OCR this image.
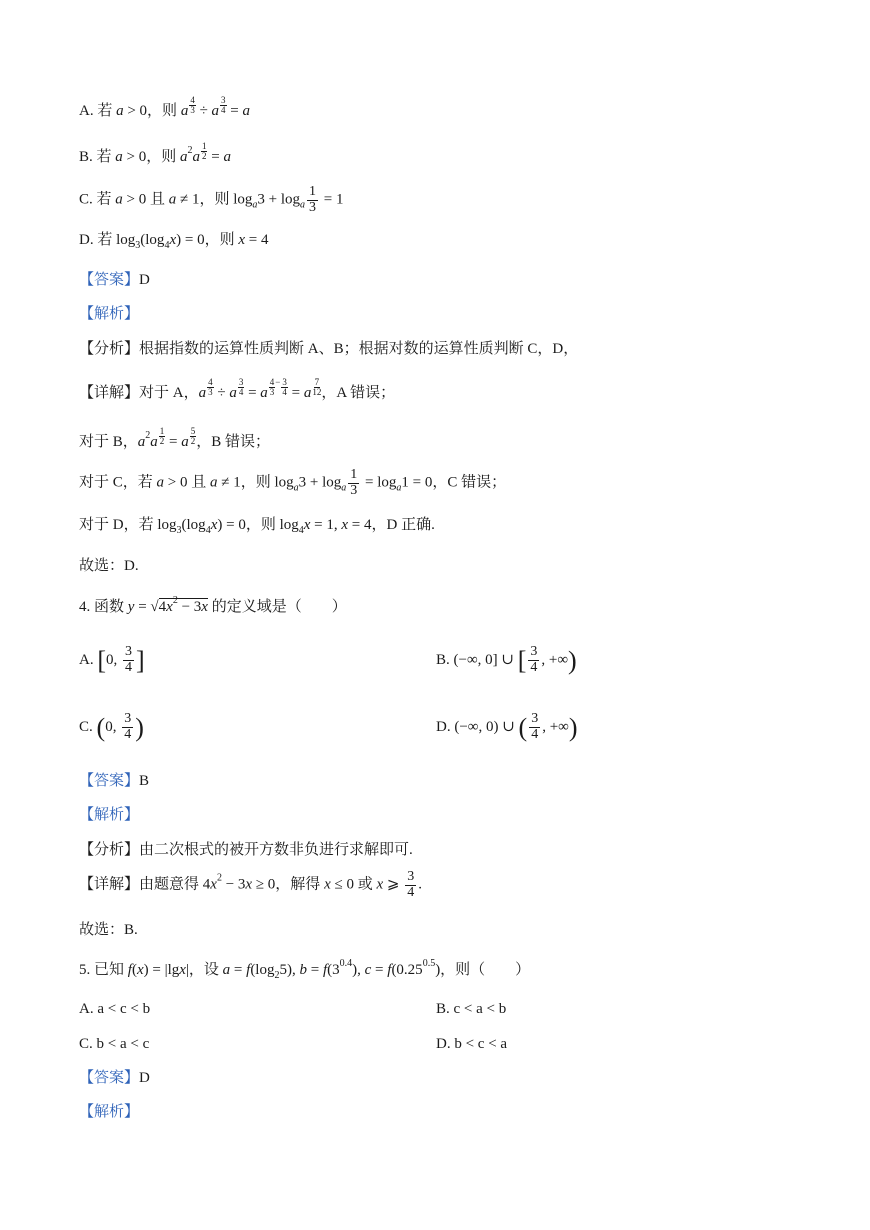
A. 若 a > 0，则 a $\frac{4}{3} \div a \frac{3}{4} = a$
B. 若 a > 0，则 $a^2a \frac{1}{2} = a$
C. 若 a > 0 且 a ≠ 1，则 $\log_a3 + \log_a \frac{1}{3} = 1$
D. 若 $\log_3(\log_4x) = 0$，则 x = 4
【答案】D
【解析】
【分析】根据指数的运算性质判断 A、B；根据对数的运算性质判断 C，D，
【详解】对于 A，a $\frac{4}{3} \div a \frac{3}{4} = a \frac{4}{3} ^- \frac{3}{4} = a \frac{7}{12}$ ，A 错误；
对于 B，$a^2a \frac{1}{2} = a \frac{5}{2}$ ，B 错误；
对于 C，若 a > 0 且 a ≠ 1，则 $\log_a3 + \log_a \frac{1}{3} = \log_a1 = 0$，C 错误；
对于 D，若 $\log_3(\log_4x) = 0$，则 $\log_4x = 1$, x = 4，D 正确.
故选：D.
4. 函数 $y = √4x^2 - 3x$ 的定义域是（　　）
A. [0, $\frac{3}{4}$ ]	B. (−∞, 0] ∪ [ $\frac{3}{4}$ , +∞)
C. (0, $\frac{3}{4}$ )	D. (−∞, 0) ∪ ( $\frac{3}{4}$ , +∞)
【答案】B
【解析】
【分析】由二次根式的被开方数非负进行求解即可.
【详解】由题意得 $4x^2 - 3x \ge 0$，解得 x ≤ 0 或 x ⩾ $\frac{3}{4}$ .
故选：B.
5. 已知 f(x) = |lgx|，设 $a = f(\log_25)$, $b = f(3^{0.4})$, $c = f(0.25^{0.5})$，则（　　）
A. a < c < b	B. c < a < b
C. b < a < c	D. b < c < a
【答案】D
【解析】
